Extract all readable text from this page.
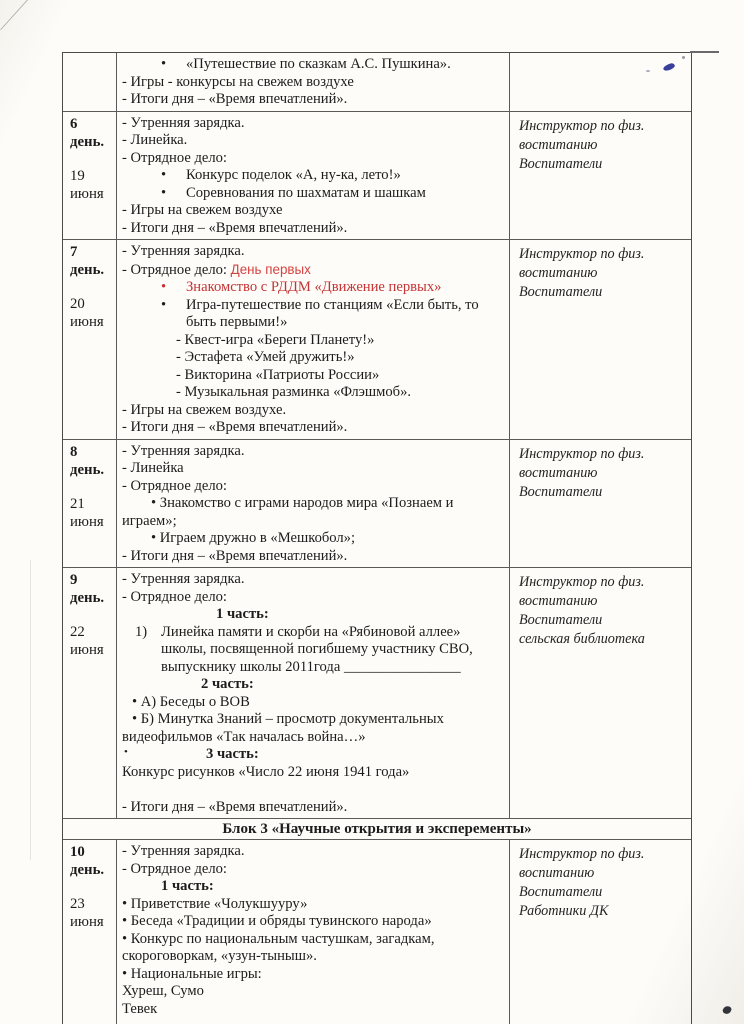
• «Путешествие по сказкам А.С. Пушкина».

- Игры - конкурсы на свежем воздухе

- Итоги дня – «Время впечатлений».

6

день.

19

июня

- Утренняя зарядка.

- Линейка.

- Отрядное дело:

• Конкурс поделок «А, ну-ка, лето!»

• Соревнования по шахматам и шашкам

- Игры на свежем воздухе

- Итоги дня – «Время впечатлений».

Инструктор по физ.

воститанию

Воспитатели

7

день.

20

июня

- Утренняя зарядка.

- Отрядное дело: День первых

• Знакомство с РДДМ «Движение первых»

• Игра-путешествие по станциям «Если быть, то быть первыми!»

- Квест-игра «Береги Планету!»

- Эстафета «Умей дружить!»

- Викторина «Патриоты России»

- Музыкальная разминка «Флэшмоб».

- Игры на свежем воздухе.

- Итоги дня – «Время впечатлений».

Инструктор по физ.

воститанию

Воспитатели

8

день.

21

июня

- Утренняя зарядка.

- Линейка

- Отрядное дело:

• Знакомство с играми народов мира «Познаем и играем»;

• Играем дружно в «Мешкобол»;

- Итоги дня – «Время впечатлений».

Инструктор по физ.

воститанию

Воспитатели

9

день.

22

июня

- Утренняя зарядка.

- Отрядное дело:

1 часть:

1) Линейка памяти и скорби на «Рябиновой аллее» школы, посвященной погибшему участнику СВО, выпускнику школы 2011года ________________

2 часть:

• А) Беседы о ВОВ

• Б) Минутка Знаний – просмотр документальных видеофильмов «Так началась война…»

•	3 часть:

Конкурс рисунков «Число 22 июня 1941 года»

- Итоги дня – «Время впечатлений».

Инструктор по физ.

воститанию

Воспитатели

сельская библиотека

Блок 3 «Научные открытия и эксперементы»

10

день.

23

июня

- Утренняя зарядка.

- Отрядное дело:

1 часть:

• Приветствие «Чолукшууру»

• Беседа «Традиции и обряды тувинского народа»

• Конкурс по национальным частушкам, загадкам, скороговоркам, «узун-тыныш».

• Национальные игры:

Хуреш, Сумо

Тевек

Инструктор по физ.

воспитанию

Воспитатели

Работники ДК
